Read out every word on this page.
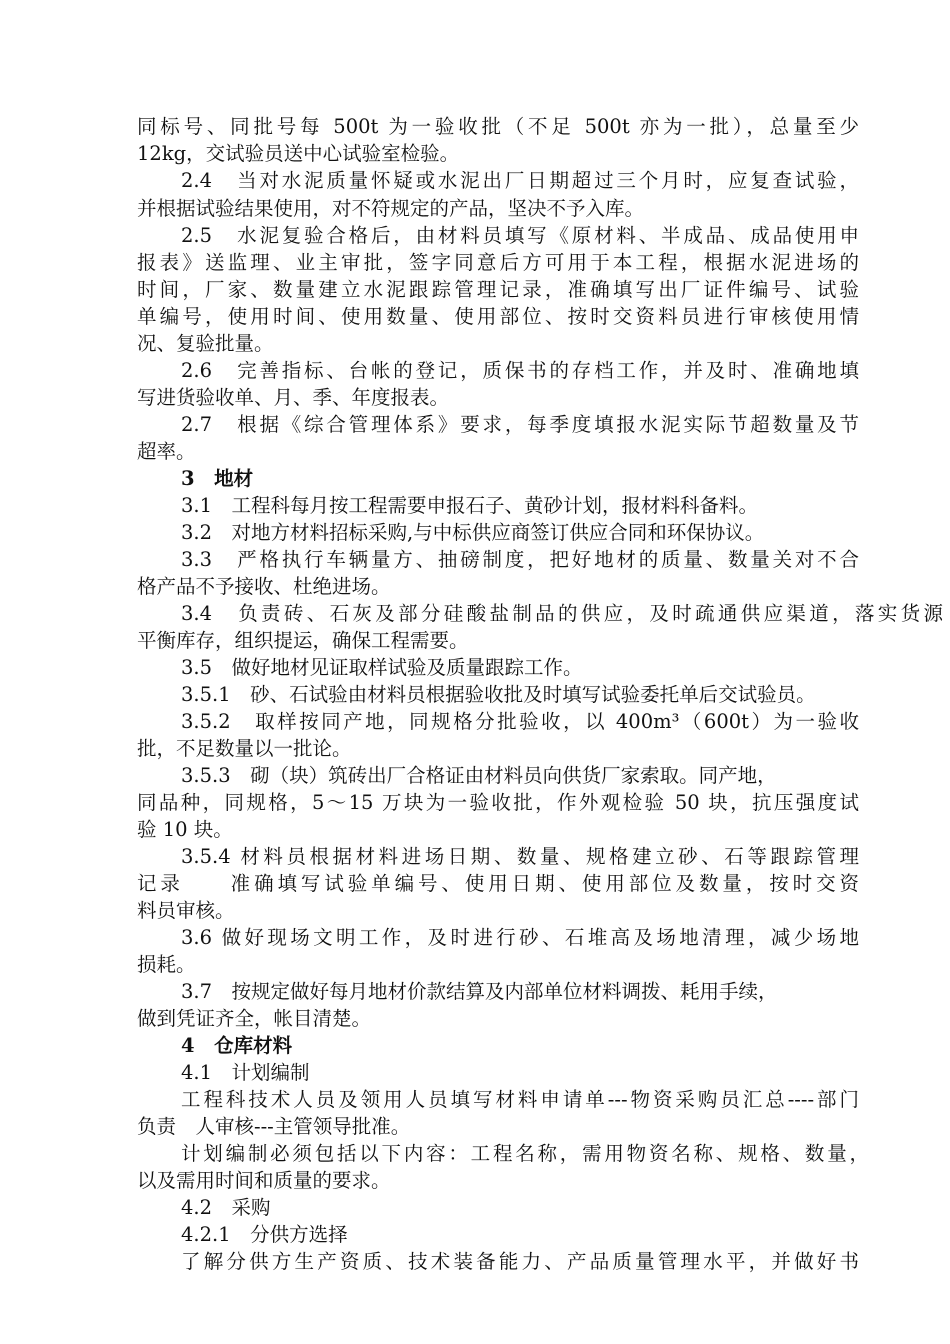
同标号、同批号每 500t 为一验收批（不足 500t 亦为一批），总量至少
12kg，交试验员送中心试验室检验。
2.4　当对水泥质量怀疑或水泥出厂日期超过三个月时，应复查试验，
并根据试验结果使用，对不符规定的产品，坚决不予入库。
2.5　水泥复验合格后，由材料员填写《原材料、半成品、成品使用申
报表》送监理、业主审批，签字同意后方可用于本工程，根据水泥进场的
时间，厂家、数量建立水泥跟踪管理记录，准确填写出厂证件编号、试验
单编号，使用时间、使用数量、使用部位、按时交资料员进行审核使用情
况、复验批量。
2.6　完善指标、台帐的登记，质保书的存档工作，并及时、准确地填
写进货验收单、月、季、年度报表。
2.7　根据《综合管理体系》要求，每季度填报水泥实际节超数量及节
超率。
3　地材
3.1　工程科每月按工程需要申报石子、黄砂计划，报材料科备料。
3.2　对地方材料招标采购,与中标供应商签订供应合同和环保协议。
3.3　严格执行车辆量方、抽磅制度，把好地材的质量、数量关对不合
格产品不予接收、杜绝进场。
3.4　负责砖、石灰及部分硅酸盐制品的供应，及时疏通供应渠道，落实货源
平衡库存，组织提运，确保工程需要。
3.5　做好地材见证取样试验及质量跟踪工作。
3.5.1　砂、石试验由材料员根据验收批及时填写试验委托单后交试验员。
3.5.2　取样按同产地，同规格分批验收，以 400m³（600t）为一验收
批，不足数量以一批论。
3.5.3　砌（块）筑砖出厂合格证由材料员向供货厂家索取。同产地，
同品种，同规格，5～15 万块为一验收批，作外观检验 50 块，抗压强度试
验 10 块。
3.5.4 材料员根据材料进场日期、数量、规格建立砂、石等跟踪管理
记录　　准确填写试验单编号、使用日期、使用部位及数量，按时交资
料员审核。
3.6 做好现场文明工作，及时进行砂、石堆高及场地清理，减少场地
损耗。
3.7　按规定做好每月地材价款结算及内部单位材料调拨、耗用手续，
做到凭证齐全，帐目清楚。
4　仓库材料
4.1　计划编制
工程科技术人员及领用人员填写材料申请单---物资采购员汇总----部门
负责　人审核---主管领导批准。
计划编制必须包括以下内容：工程名称，需用物资名称、规格、数量，
以及需用时间和质量的要求。
4.2　采购
4.2.1　分供方选择
了解分供方生产资质、技术装备能力、产品质量管理水平，并做好书
